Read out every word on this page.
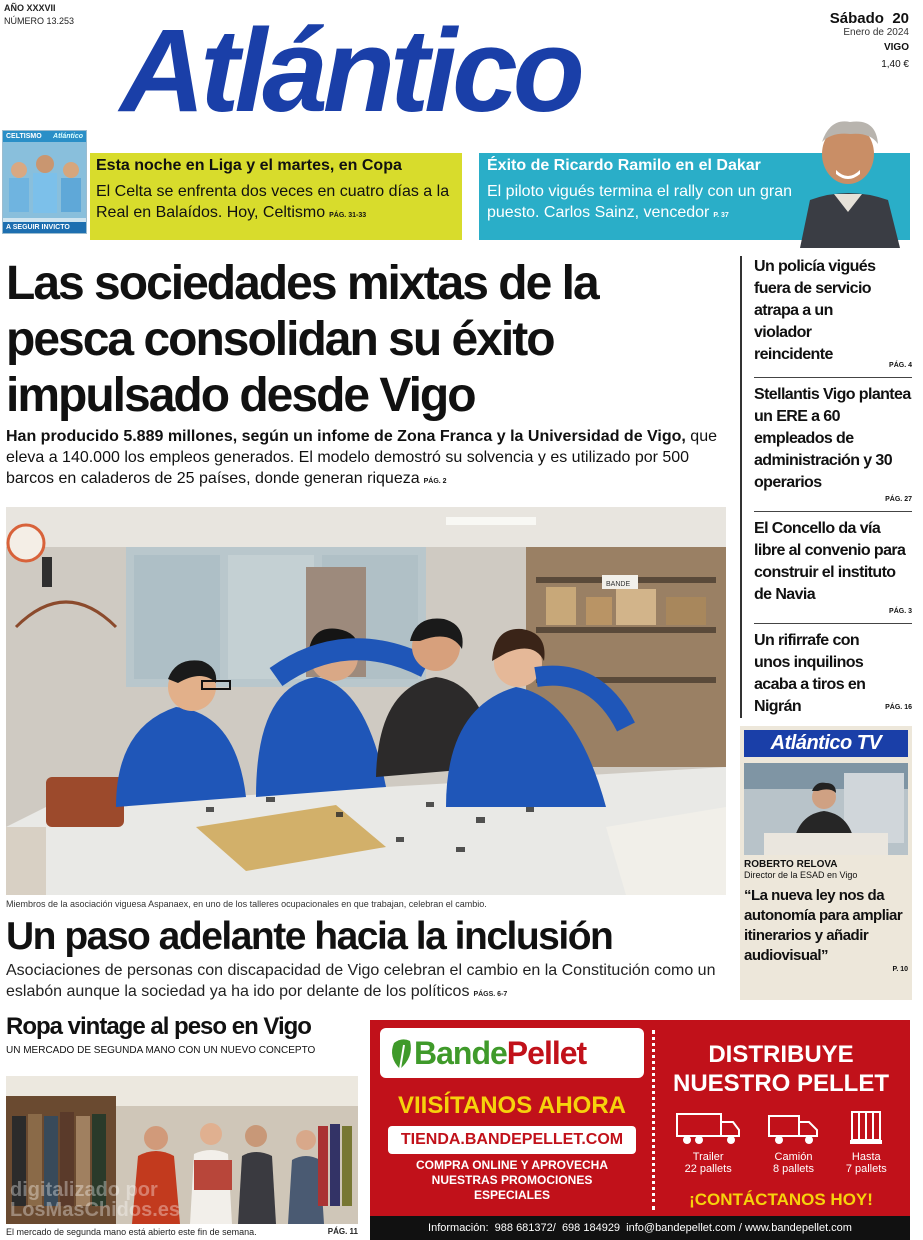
AÑO XXXVII
NÚMERO 13.253 Atlántico	Sábado 20
Enero de 2024
VIGO
1,40 €
CELTISMO Atlántico
A SEGUIR INVICTO
Esta noche en Liga y el martes, en Copa

El Celta se enfrenta dos veces en cuatro días a la Real en Balaídos. Hoy, Celtismo PÁG. 31-33

Éxito de Ricardo Ramilo en el Dakar

El piloto vigués termina el rally con un gran puesto. Carlos Sainz, vencedor P. 37

Las sociedades mixtas de la pesca consolidan su éxito impulsado desde Vigo
Han producido 5.889 millones, según un infome de Zona Franca y la Universidad de Vigo, que eleva a 140.000 los empleos generados. El modelo demostró su solvencia y es utilizado por 500 barcos en caladeros de 25 países, donde generan riqueza PÁG. 2
Un policía vigués fuera de servicio atrapa a un violador reincidente
PÁG. 4
Stellantis Vigo plantea un ERE a 60 empleados de administración y 30 operarios
PÁG. 27
El Concello da vía libre al convenio para construir el instituto de Navia
PÁG. 3
Un rifirrafe con unos inquilinos acaba a tiros en Nigrán	PÁG. 16
BANDE
Miembros de la asociación viguesa Aspanaex, en uno de los talleres ocupacionales en que trabajan, celebran el cambio.
Un paso adelante hacia la inclusión
Asociaciones de personas con discapacidad de Vigo celebran el cambio en la Constitución como un eslabón aunque la sociedad ya ha ido por delante de los políticos PÁGS. 6-7
Atlántico TV
ROBERTO RELOVA
Director de la ESAD en Vigo
“La nueva ley nos da autonomía para ampliar itinerarios y añadir audiovisual”
P. 10
Ropa vintage al peso en Vigo
UN MERCADO DE SEGUNDA MANO CON UN NUEVO CONCEPTO
digitalizado por LosMasChidos.es
El mercado de segunda mano está abierto este fin de semana.	PÁG. 11
Bande Pellet
VIISÍTANOS AHORA
TIENDA.BANDEPELLET.COM
COMPRA ONLINE Y APROVECHA NUESTRAS PROMOCIONES ESPECIALES
DISTRIBUYE NUESTRO PELLET
Trailer
22 pallets
Camión
8 pallets
Hasta
7 pallets
¡CONTÁCTANOS HOY!
Información:  988 681372/  698 184929  info@bandepellet.com / www.bandepellet.com
